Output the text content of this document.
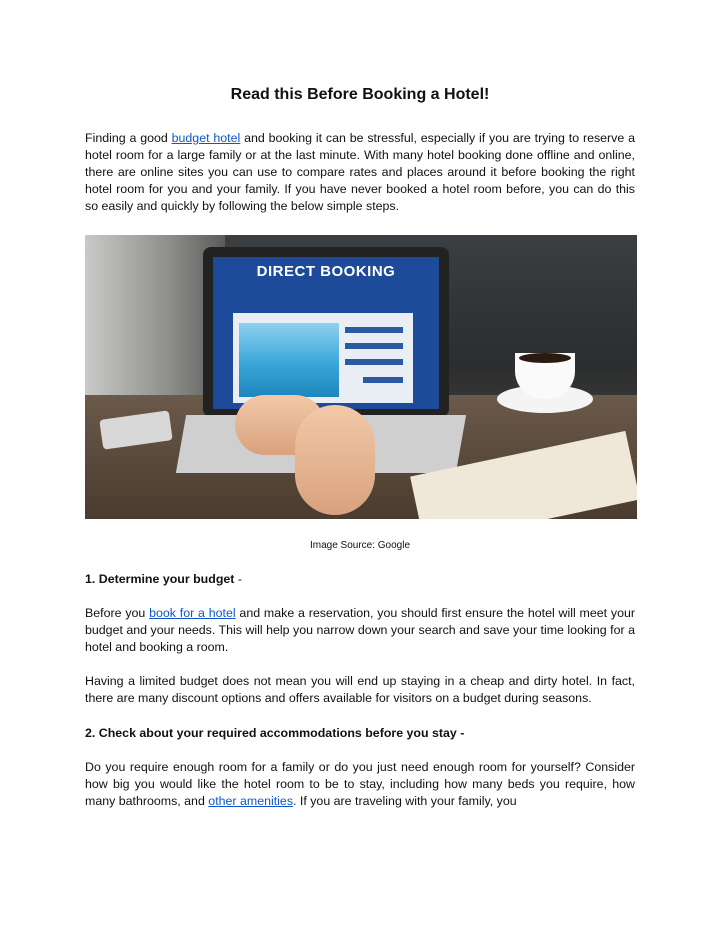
Read this Before Booking a Hotel!

Finding a good budget hotel and booking it can be stressful, especially if you are trying to reserve a hotel room for a large family or at the last minute. With many hotel booking done offline and online, there are online sites you can use to compare rates and places around it before booking the right hotel room for you and your family. If you have never booked a hotel room before, you can do this so easily and quickly by following the below simple steps.

DIRECT BOOKING
Image Source: Google
1. Determine your budget -

Before you book for a hotel and make a reservation, you should first ensure the hotel will meet your budget and your needs. This will help you narrow down your search and save your time looking for a hotel and booking a room.

Having a limited budget does not mean you will end up staying in a cheap and dirty hotel. In fact, there are many discount options and offers available for visitors on a budget during seasons.

2. Check about your required accommodations before you stay -

Do you require enough room for a family or do you just need enough room for yourself? Consider how big you would like the hotel room to be to stay, including how many beds you require, how many bathrooms, and other amenities. If you are traveling with your family, you
